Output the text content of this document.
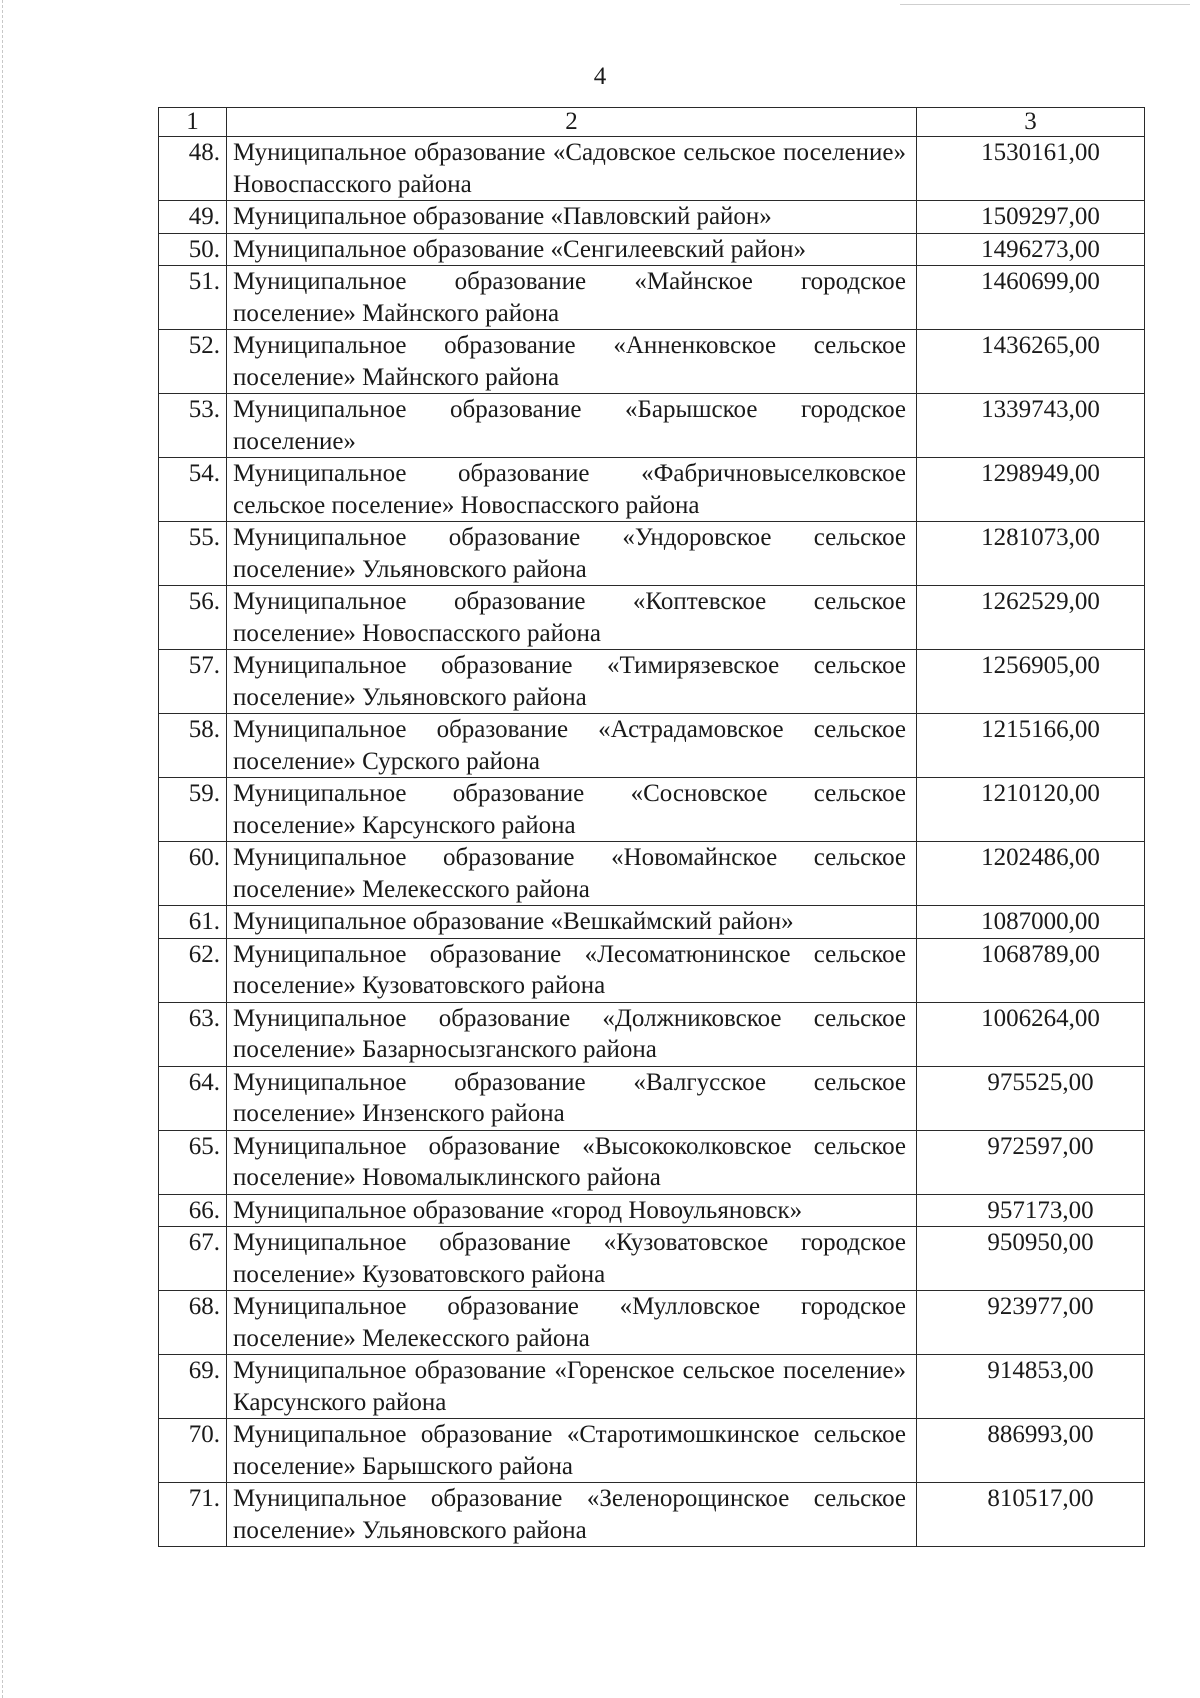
4
1	2	3
48.	Муниципальное образование «Садовское сельское поселение» Новоспасского района	1530161,00
49.	Муниципальное образование «Павловский район»	1509297,00
50.	Муниципальное образование «Сенгилеевский район»	1496273,00
51.	Муниципальное образование «Майнское городское поселение» Майнского района	1460699,00
52.	Муниципальное образование «Анненковское сельское поселение» Майнского района	1436265,00
53.	Муниципальное образование «Барышское городское поселение»	1339743,00
54.	Муниципальное образование «Фабричновыселковское сельское поселение» Новоспасского района	1298949,00
55.	Муниципальное образование «Ундоровское сельское поселение» Ульяновского района	1281073,00
56.	Муниципальное образование «Коптевское сельское поселение» Новоспасского района	1262529,00
57.	Муниципальное образование «Тимирязевское сельское поселение» Ульяновского района	1256905,00
58.	Муниципальное образование «Астрадамовское сельское поселение» Сурского района	1215166,00
59.	Муниципальное образование «Сосновское сельское поселение» Карсунского района	1210120,00
60.	Муниципальное образование «Новомайнское сельское поселение» Мелекесского района	1202486,00
61.	Муниципальное образование «Вешкаймский район»	1087000,00
62.	Муниципальное образование «Лесоматюнинское сельское поселение» Кузоватовского района	1068789,00
63.	Муниципальное образование «Должниковское сельское поселение» Базарносызганского района	1006264,00
64.	Муниципальное образование «Валгусское сельское поселение» Инзенского района	975525,00
65.	Муниципальное образование «Высококолковское сельское поселение» Новомалыклинского района	972597,00
66.	Муниципальное образование «город Новоульяновск»	957173,00
67.	Муниципальное образование «Кузоватовское городское поселение» Кузоватовского района	950950,00
68.	Муниципальное образование «Мулловское городское поселение» Мелекесского района	923977,00
69.	Муниципальное образование «Горенское сельское поселение» Карсунского района	914853,00
70.	Муниципальное образование «Старотимошкинское сельское поселение» Барышского района	886993,00
71.	Муниципальное образование «Зеленорощинское сельское поселение» Ульяновского района	810517,00
